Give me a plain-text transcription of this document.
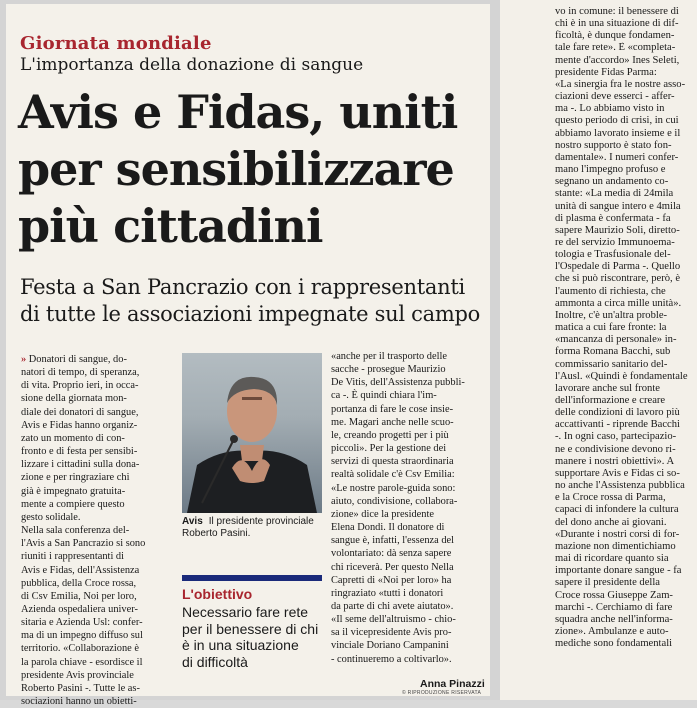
Giornata mondiale
L'importanza della donazione di sangue
Avis e Fidas, uniti
per sensibilizzare
più cittadini
Festa a San Pancrazio con i rappresentanti
di tutte le associazioni impegnate sul campo
» Donatori di sangue, do-
natori di tempo, di speranza,
di vita. Proprio ieri, in occa-
sione della giornata mon-
diale dei donatori di sangue,
Avis e Fidas hanno organiz-
zato un momento di con-
fronto e di festa per sensibi-
lizzare i cittadini sulla dona-
zione e per ringraziare chi
già è impegnato gratuita-
mente a compiere questo
gesto solidale.
Nella sala conferenza del-
l'Avis a San Pancrazio si sono
riuniti i rappresentanti di
Avis e Fidas, dell'Assistenza
pubblica, della Croce rossa,
di Csv Emilia, Noi per loro,
Azienda ospedaliera univer-
sitaria e Azienda Usl: confer-
ma di un impegno diffuso sul
territorio. «Collaborazione è
la parola chiave - esordisce il
presidente Avis provinciale
Roberto Pasini -. Tutte le as-
sociazioni hanno un obietti-
Avis Il presidente provinciale Roberto Pasini.
L'obiettivo
Necessario fare rete
per il benessere di chi
è in una situazione
di difficoltà
«anche per il trasporto delle
sacche - prosegue Maurizio
De Vitis, dell'Assistenza pubbli-
ca -. È quindi chiara l'im-
portanza di fare le cose insie-
me. Magari anche nelle scuo-
le, creando progetti per i più
piccoli». Per la gestione dei
servizi di questa straordinaria
realtà solidale c'è Csv Emilia:
«Le nostre parole-guida sono:
aiuto, condivisione, collabora-
zione» dice la presidente
Elena Dondi. Il donatore di
sangue è, infatti, l'essenza del
volontariato: dà senza sapere
chi riceverà. Per questo Nella
Capretti di «Noi per loro» ha
ringraziato «tutti i donatori
da parte di chi avete aiutato».
«Il seme dell'altruismo - chio-
sa il vicepresidente Avis pro-
vinciale Doriano Campanini
- continueremo a coltivarlo».
Anna Pinazzi
© RIPRODUZIONE RISERVATA
vo in comune: il benessere di
chi è in una situazione di dif-
ficoltà, è dunque fondamen-
tale fare rete». È «completa-
mente d'accordo» Ines Seleti,
presidente Fidas Parma:
«La sinergia fra le nostre asso-
ciazioni deve esserci - affer-
ma -. Lo abbiamo visto in
questo periodo di crisi, in cui
abbiamo lavorato insieme e il
nostro supporto è stato fon-
damentale». I numeri confer-
mano l'impegno profuso e
segnano un andamento co-
stante: «La media di 24mila
unità di sangue intero e 4mila
di plasma è confermata - fa
sapere Maurizio Soli, diretto-
re del servizio Immunoema-
tologia e Trasfusionale del-
l'Ospedale di Parma -. Quello
che si può riscontrare, però, è
l'aumento di richiesta, che
ammonta a circa mille unità».
Inoltre, c'è un'altra proble-
matica a cui fare fronte: la
«mancanza di personale» in-
forma Romana Bacchi, sub
commissario sanitario del-
l'Ausl. «Quindi è fondamentale
lavorare anche sul fronte
dell'informazione e creare
delle condizioni di lavoro più
accattivanti - riprende Bacchi
-. In ogni caso, partecipazio-
ne e condivisione devono ri-
manere i nostri obiettivi». A
supportare Avis e Fidas ci so-
no anche l'Assistenza pubblica
e la Croce rossa di Parma,
capaci di infondere la cultura
del dono anche ai giovani.
«Durante i nostri corsi di for-
mazione non dimentichiamo
mai di ricordare quanto sia
importante donare sangue - fa
sapere il presidente della
Croce rossa Giuseppe Zam-
marchi -. Cerchiamo di fare
squadra anche nell'informa-
zione». Ambulanze e auto-
mediche sono fondamentali
